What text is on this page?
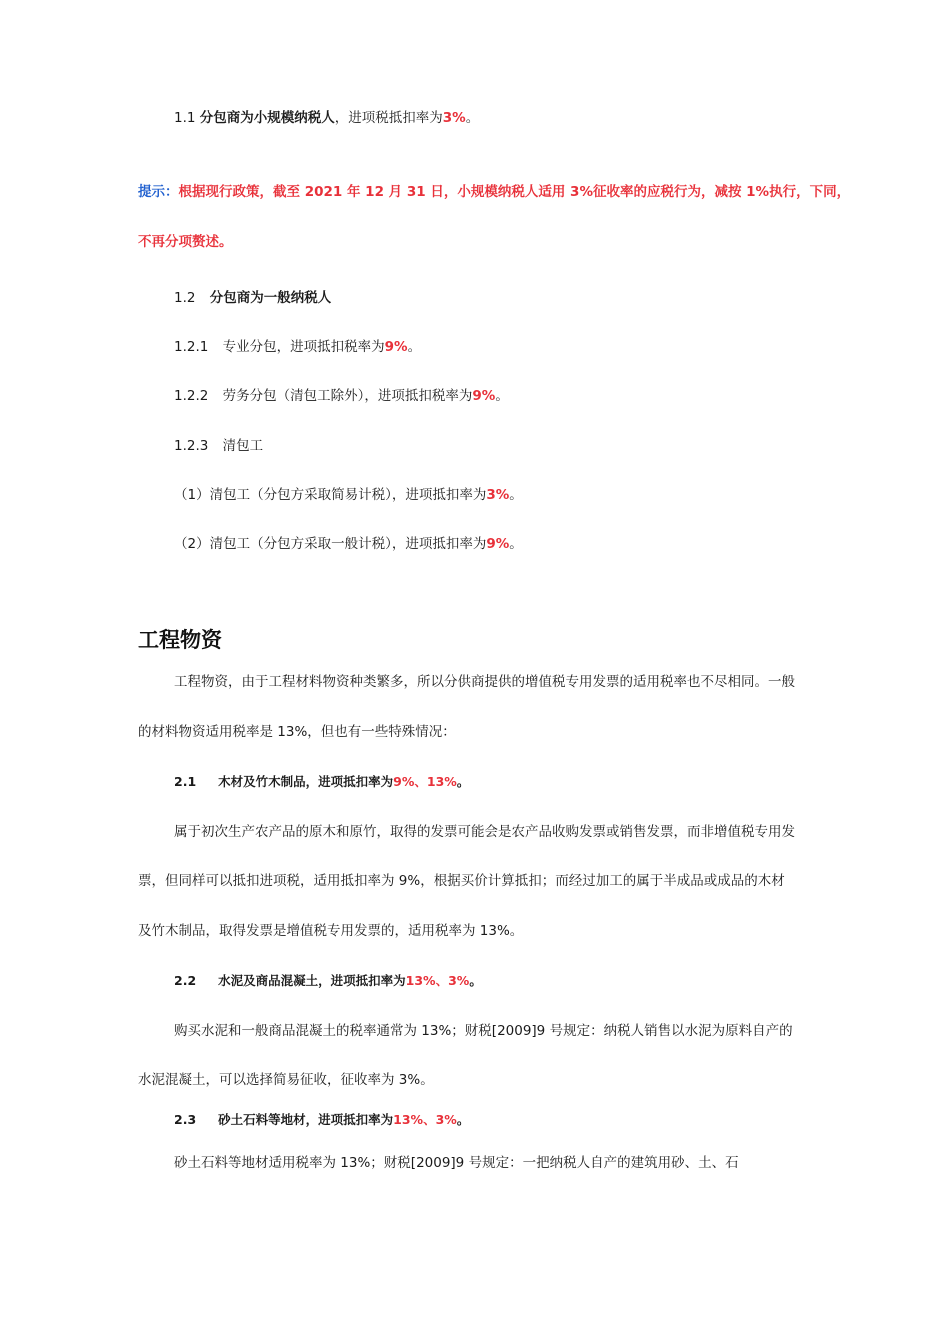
1.1 分包商为小规模纳税人，进项税抵扣率为3%。
提示：根据现行政策，截至 2021 年 12 月 31 日，小规模纳税人适用 3%征收率的应税行为，减按 1%执行，下同，
不再分项赘述。
1.2 分包商为一般纳税人
1.2.1 专业分包，进项抵扣税率为9%。
1.2.2 劳务分包（清包工除外），进项抵扣税率为9%。
1.2.3 清包工
（1）清包工（分包方采取简易计税），进项抵扣率为3%。
（2）清包工（分包方采取一般计税），进项抵扣率为9%。
工程物资
工程物资，由于工程材料物资种类繁多，所以分供商提供的增值税专用发票的适用税率也不尽相同。一般
的材料物资适用税率是 13%，但也有一些特殊情况：
2.1 木材及竹木制品，进项抵扣率为9%、13%。
属于初次生产农产品的原木和原竹，取得的发票可能会是农产品收购发票或销售发票，而非增值税专用发
票，但同样可以抵扣进项税，适用抵扣率为 9%，根据买价计算抵扣；而经过加工的属于半成品或成品的木材
及竹木制品，取得发票是增值税专用发票的，适用税率为 13%。
2.2 水泥及商品混凝土，进项抵扣率为13%、3%。
购买水泥和一般商品混凝土的税率通常为 13%；财税[2009]9 号规定：纳税人销售以水泥为原料自产的
水泥混凝土，可以选择简易征收，征收率为 3%。
2.3 砂土石料等地材，进项抵扣率为13%、3%。
砂土石料等地材适用税率为 13%；财税[2009]9 号规定：一把纳税人自产的建筑用砂、土、石
